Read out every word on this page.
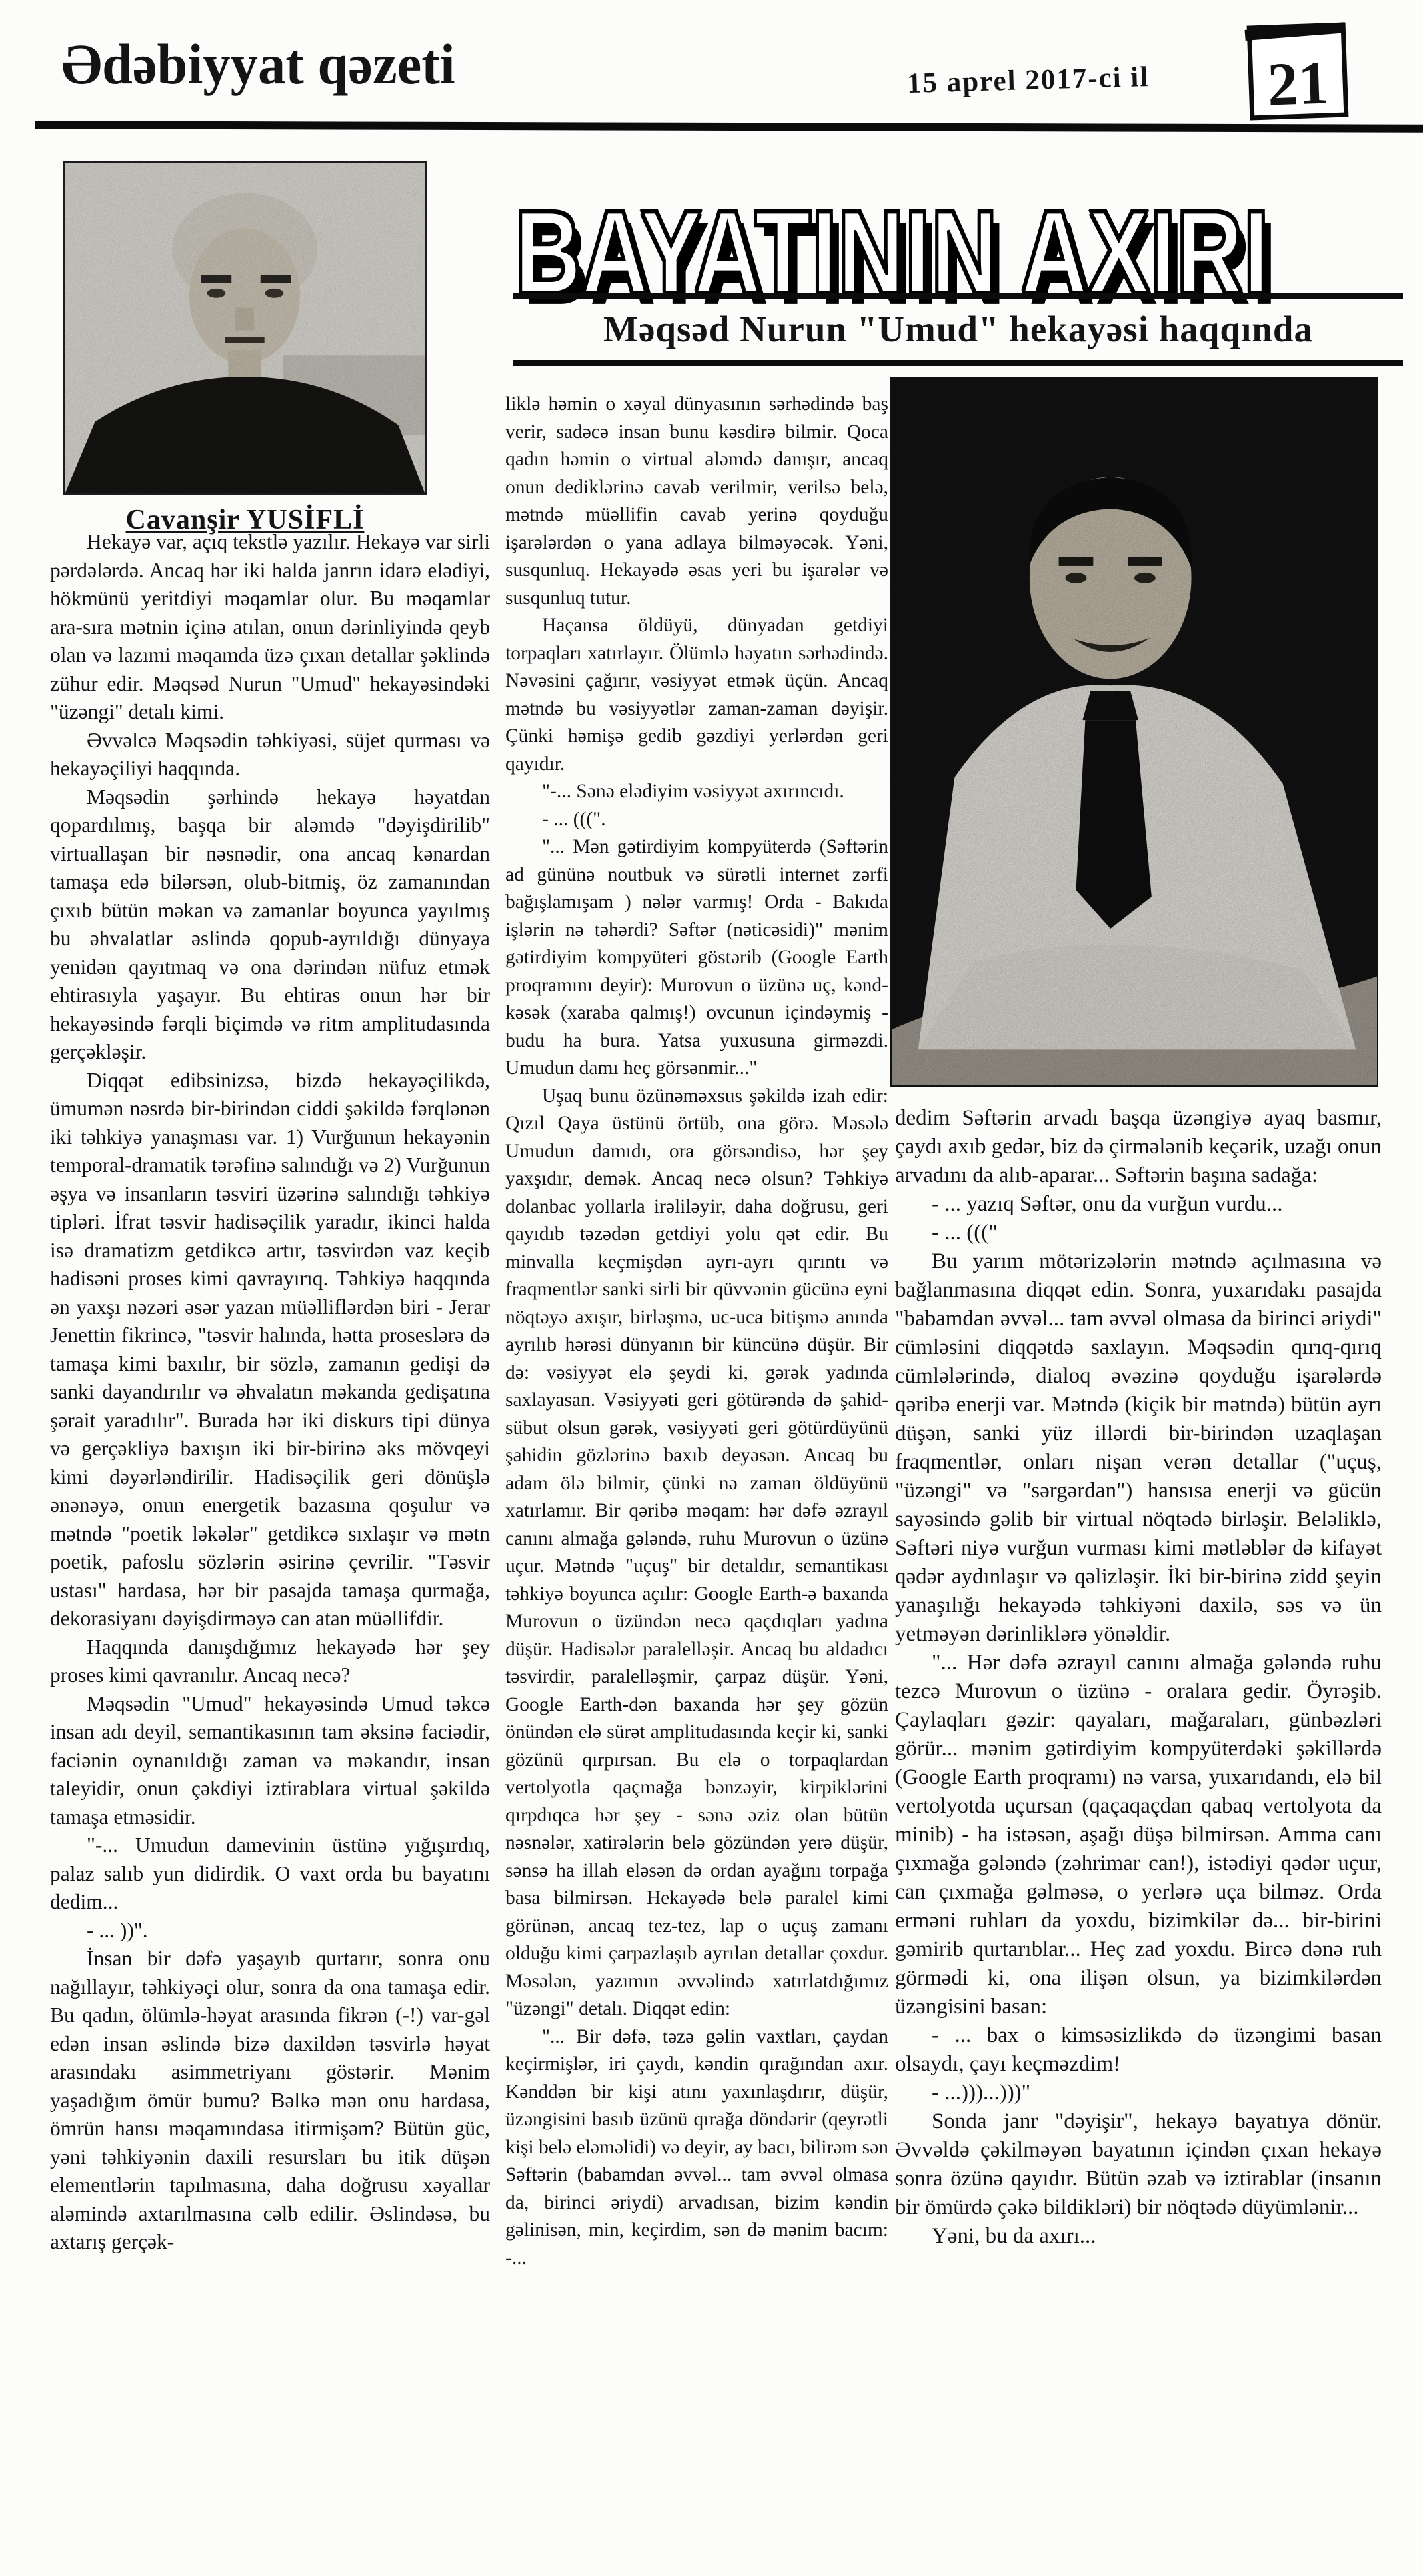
Ədəbiyyat qəzeti	15 aprel 2017-ci il 21
Cavanşir YUSİFLİ
BAYATININ AXIRI
Məqsəd Nurun "Umud" hekayəsi haqqında

Hekayə var, açıq tekstlə yazılır. Hekayə var sirli pərdələrdə. Ancaq hər iki halda janrın idarə elədiyi, hökmünü yeritdiyi məqamlar olur. Bu məqamlar ara-sıra mətnin içinə atılan, onun dərinliyində qeyb olan və lazımi məqamda üzə çıxan detallar şəklində zühur edir. Məqsəd Nurun "Umud" hekayəsindəki "üzəngi" detalı kimi.

Əvvəlcə Məqsədin təhkiyəsi, süjet qurması və hekayəçiliyi haqqında.

Məqsədin şərhində hekayə həyatdan qopardılmış, başqa bir aləmdə "dəyişdirilib" virtuallaşan bir nəsnədir, ona ancaq kənardan tamaşa edə bilərsən, olub-bitmiş, öz zamanından çıxıb bütün məkan və zamanlar boyunca yayılmış bu əhvalatlar əslində qopub-ayrıldığı dünyaya yenidən qayıtmaq və ona dərindən nüfuz etmək ehtirasıyla yaşayır. Bu ehtiras onun hər bir hekayəsində fərqli biçimdə və ritm amplitudasında gerçəkləşir.

Diqqət edibsinizsə, bizdə hekayəçilikdə, ümumən nəsrdə bir-birindən ciddi şəkildə fərqlənən iki təhkiyə yanaşması var. 1) Vurğunun hekayənin temporal-dramatik tərəfinə salındığı və 2) Vurğunun əşya və insanların təsviri üzərinə salındığı təhkiyə tipləri. İfrat təsvir hadisəçilik yaradır, ikinci halda isə dramatizm getdikcə artır, təsvirdən vaz keçib hadisəni proses kimi qavrayırıq. Təhkiyə haqqında ən yaxşı nəzəri əsər yazan müəlliflərdən biri - Jerar Jenettin fikrincə, "təsvir halında, hətta proseslərə də tamaşa kimi baxılır, bir sözlə, zamanın gedişi də sanki dayandırılır və əhvalatın məkanda gedişatına şərait yaradılır". Burada hər iki diskurs tipi dünya və gerçəkliyə baxışın iki bir-birinə əks mövqeyi kimi dəyərləndirilir. Hadisəçilik geri dönüşlə ənənəyə, onun energetik bazasına qoşulur və mətndə "poetik ləkələr" getdikcə sıxlaşır və mətn poetik, pafoslu sözlərin əsirinə çevrilir. "Təsvir ustası" hardasa, hər bir pasajda tamaşa qurmağa, dekorasiyanı dəyişdirməyə can atan müəllifdir.

Haqqında danışdığımız hekayədə hər şey proses kimi qavranılır. Ancaq necə?

Məqsədin "Umud" hekayəsində Umud təkcə insan adı deyil, semantikasının tam əksinə faciədir, faciənin oynanıldığı zaman və məkandır, insan taleyidir, onun çəkdiyi iztirablara virtual şəkildə tamaşa etməsidir.

"-... Umudun damevinin üstünə yığışırdıq, palaz salıb yun didirdik. O vaxt orda bu bayatını dedim...

- ... ))".

İnsan bir dəfə yaşayıb qurtarır, sonra onu nağıllayır, təhkiyəçi olur, sonra da ona tamaşa edir. Bu qadın, ölümlə-həyat arasında fikrən (-!) var-gəl edən insan əslində bizə daxildən təsvirlə həyat arasındakı asimmetriyanı göstərir. Mənim yaşadığım ömür bumu? Bəlkə mən onu hardasa, ömrün hansı məqamındasa itirmişəm? Bütün güc, yəni təhkiyənin daxili resursları bu itik düşən elementlərin tapılmasına, daha doğrusu xəyallar aləmində axtarılmasına cəlb edilir. Əslindəsə, bu axtarış gerçək-

liklə həmin o xəyal dünyasının sərhədində baş verir, sadəcə insan bunu kəsdirə bilmir. Qoca qadın həmin o virtual aləmdə danışır, ancaq onun dediklərinə cavab verilmir, verilsə belə, mətndə müəllifin cavab yerinə qoyduğu işarələrdən o yana adlaya bilməyəcək. Yəni, susqunluq. Hekayədə əsas yeri bu işarələr və susqunluq tutur.

Haçansa öldüyü, dünyadan getdiyi torpaqları xatırlayır. Ölümlə həyatın sərhədində. Nəvəsini çağırır, vəsiyyət etmək üçün. Ancaq mətndə bu vəsiyyətlər zaman-zaman dəyişir. Çünki həmişə gedib gəzdiyi yerlərdən geri qayıdır.

"-... Sənə elədiyim vəsiyyət axırıncıdı.

- ... (((".

"... Mən gətirdiyim kompyüterdə (Səftərin ad gününə noutbuk və sürətli internet zərfi bağışlamışam ) nələr varmış! Orda - Bakıda işlərin nə təhərdi? Səftər (nəticəsidi)" mənim gətirdiyim kompyüteri göstərib (Google Earth proqramını deyir): Murovun o üzünə uç, kənd-kəsək (xaraba qalmış!) ovcunun içindəymiş - budu ha bura. Yatsa yuxusuna girməzdi. Umudun damı heç görsənmir..."

Uşaq bunu özünəməxsus şəkildə izah edir: Qızıl Qaya üstünü örtüb, ona görə. Məsələ Umudun damıdı, ora görsəndisə, hər şey yaxşıdır, demək. Ancaq necə olsun? Təhkiyə dolanbac yollarla irəliləyir, daha doğrusu, geri qayıdıb təzədən getdiyi yolu qət edir. Bu minvalla keçmişdən ayrı-ayrı qırıntı və fraqmentlər sanki sirli bir qüvvənin gücünə eyni nöqtəyə axışır, birləşmə, uc-uca bitişmə anında ayrılıb hərəsi dünyanın bir küncünə düşür. Bir də: vəsiyyət elə şeydi ki, gərək yadında saxlayasan. Vəsiyyəti geri götürəndə də şahid-sübut olsun gərək, vəsiyyəti geri götürdüyünü şahidin gözlərinə baxıb deyəsən. Ancaq bu adam ölə bilmir, çünki nə zaman öldüyünü xatırlamır. Bir qəribə məqam: hər dəfə əzrayıl canını almağa gələndə, ruhu Murovun o üzünə uçur. Mətndə "uçuş" bir detaldır, semantikası təhkiyə boyunca açılır: Google Earth-ə baxanda Murovun o üzündən necə qaçdıqları yadına düşür. Hadisələr paralelləşir. Ancaq bu aldadıcı təsvirdir, paralelləşmir, çarpaz düşür. Yəni, Google Earth-dən baxanda hər şey gözün önündən elə sürət amplitudasında keçir ki, sanki gözünü qırpırsan. Bu elə o torpaqlardan vertolyotla qaçmağa bənzəyir, kirpiklərini qırpdıqca hər şey - sənə əziz olan bütün nəsnələr, xatirələrin belə gözündən yerə düşür, sənsə ha illah eləsən də ordan ayağını torpağa basa bilmirsən. Hekayədə belə paralel kimi görünən, ancaq tez-tez, lap o uçuş zamanı olduğu kimi çarpazlaşıb ayrılan detallar çoxdur. Məsələn, yazımın əvvəlində xatırlatdığımız "üzəngi" detalı. Diqqət edin:

"... Bir dəfə, təzə gəlin vaxtları, çaydan keçirmişlər, iri çaydı, kəndin qırağından axır. Kənddən bir kişi atını yaxınlaşdırır, düşür, üzəngisini basıb üzünü qırağa döndərir (qeyrətli kişi belə eləməlidi) və deyir, ay bacı, bilirəm sən Səftərin (babamdan əvvəl... tam əvvəl olmasa da, birinci əriydi) arvadısan, bizim kəndin gəlinisən, min, keçirdim, sən də mənim bacım: -...

dedim Səftərin arvadı başqa üzəngiyə ayaq basmır, çaydı axıb gedər, biz də çirmələnib keçərik, uzağı onun arvadını da alıb-aparar... Səftərin başına sadağa:

- ... yazıq Səftər, onu da vurğun vurdu...

- ... ((("

Bu yarım mötərizələrin mətndə açılmasına və bağlanmasına diqqət edin. Sonra, yuxarıdakı pasajda "babamdan əvvəl... tam əvvəl olmasa da birinci əriydi" cümləsini diqqətdə saxlayın. Məqsədin qırıq-qırıq cümlələrində, dialoq əvəzinə qoyduğu işarələrdə qəribə enerji var. Mətndə (kiçik bir mətndə) bütün ayrı düşən, sanki yüz illərdi bir-birindən uzaqlaşan fraqmentlər, onları nişan verən detallar ("uçuş, "üzəngi" və "sərgərdan") hansısa enerji və gücün sayəsində gəlib bir virtual nöqtədə birləşir. Beləliklə, Səftəri niyə vurğun vurması kimi mətləblər də kifayət qədər aydınlaşır və qəlizləşir. İki bir-birinə zidd şeyin yanaşılığı hekayədə təhkiyəni daxilə, səs və ün yetməyən dərinliklərə yönəldir.

"... Hər dəfə əzrayıl canını almağa gələndə ruhu tezcə Murovun o üzünə - oralara gedir. Öyrəşib. Çaylaqları gəzir: qayaları, mağaraları, günbəzləri görür... mənim gətirdiyim kompyüterdəki şəkillərdə (Google Earth proqramı) nə varsa, yuxarıdandı, elə bil vertolyotda uçursan (qaçaqaçdan qabaq vertolyota da minib) - ha istəsən, aşağı düşə bilmirsən. Amma canı çıxmağa gələndə (zəhrimar can!), istədiyi qədər uçur, can çıxmağa gəlməsə, o yerlərə uça bilməz. Orda erməni ruhları da yoxdu, bizimkilər də... bir-birini gəmirib qurtarıblar... Heç zad yoxdu. Bircə dənə ruh görmədi ki, ona ilişən olsun, ya bizimkilərdən üzəngisini basan:

- ... bax o kimsəsizlikdə də üzəngimi basan olsaydı, çayı keçməzdim!

- ...)))...)))"

Sonda janr "dəyişir", hekayə bayatıya dönür. Əvvəldə çəkilməyən bayatının içindən çıxan hekayə sonra özünə qayıdır. Bütün əzab və iztirablar (insanın bir ömürdə çəkə bildikləri) bir nöqtədə düyümlənir...

Yəni, bu da axırı...
